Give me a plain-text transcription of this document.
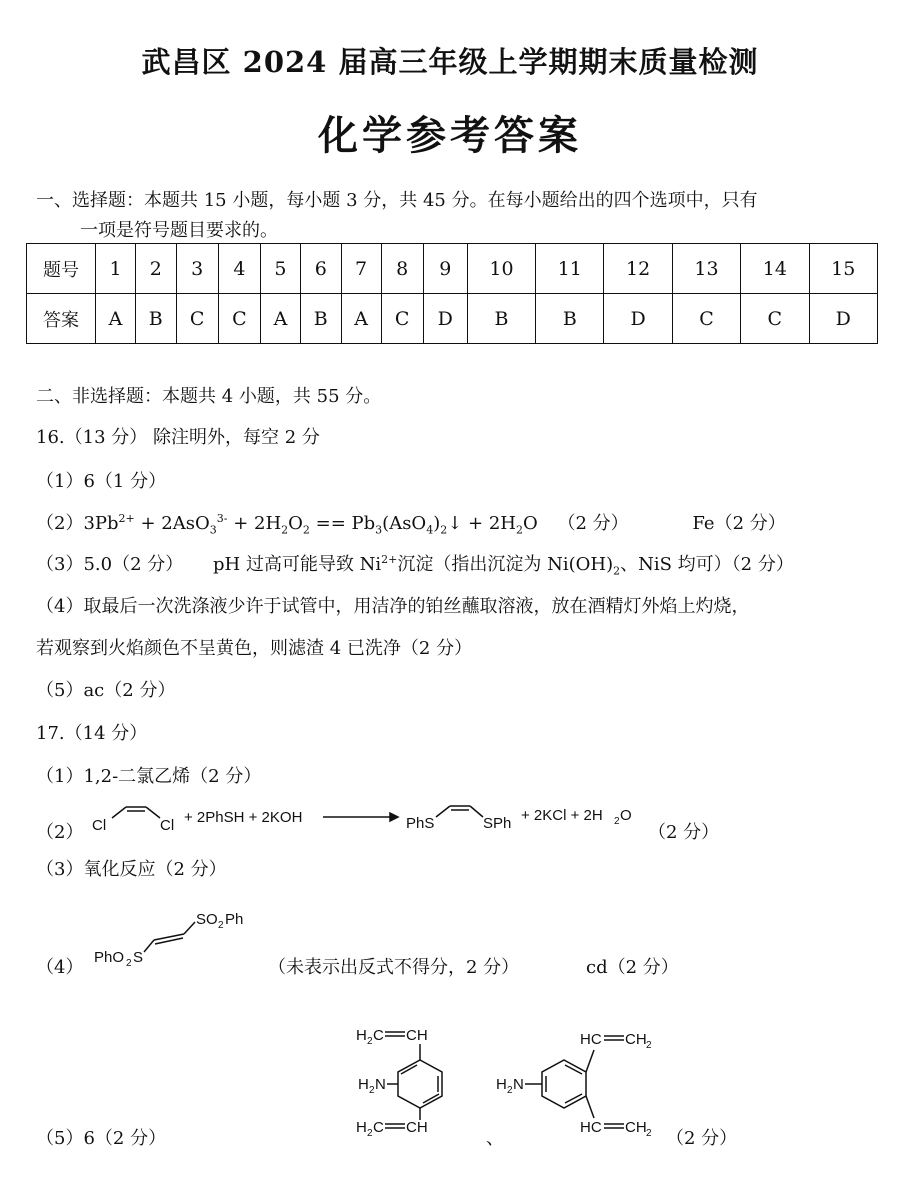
武昌区 2024 届高三年级上学期期末质量检测
化学参考答案
一、选择题：本题共 15 小题，每小题 3 分，共 45 分。在每小题给出的四个选项中，只有
一项是符号题目要求的。
题号	1	2	3	4	5	6	7	8	9	10	11	12	13	14	15
答案	A	B	C	C	A	B	A	C	D	B	B	D	C	C	D
二、非选择题：本题共 4 小题，共 55 分。
16.（13 分） 除注明外，每空 2 分
（1）6（1 分）
$(2)3Pb^{2+} + 2AsO_3^{3-} + 2H_2O_2$ == $Pb_3(AsO_4)_2↓ + 2H_2O$ （2 分）	Fe（2 分）
（3）5.0（2 分） pH 过高可能导致 $Ni^{2+}$沉淀（指出沉淀为 $Ni(OH)_2$、NiS 均可）（2 分）
（4）取最后一次洗涤液少许于试管中，用洁净的铂丝蘸取溶液，放在酒精灯外焰上灼烧，
若观察到火焰颜色不呈黄色，则滤渣 4 已洗净（2 分）
（5）ac（2 分）
17.（14 分）
（1）1,2-二氯乙烯（2 分）
（2） Cl	Cl + 2PhSH + 2KOH	PhS	SPh + 2KCl + 2H 2 O
（2 分）
（3）氧化反应（2 分）
（4）
SO 2 Ph
PhO 2 S	（未表示出反式不得分，2 分）	cd（2 分）
（5）6（2 分）
H 2 C CH
H 2 N
H 2 C CH
、
H 2 N
HC CH 2
HC CH 2 （2 分）
